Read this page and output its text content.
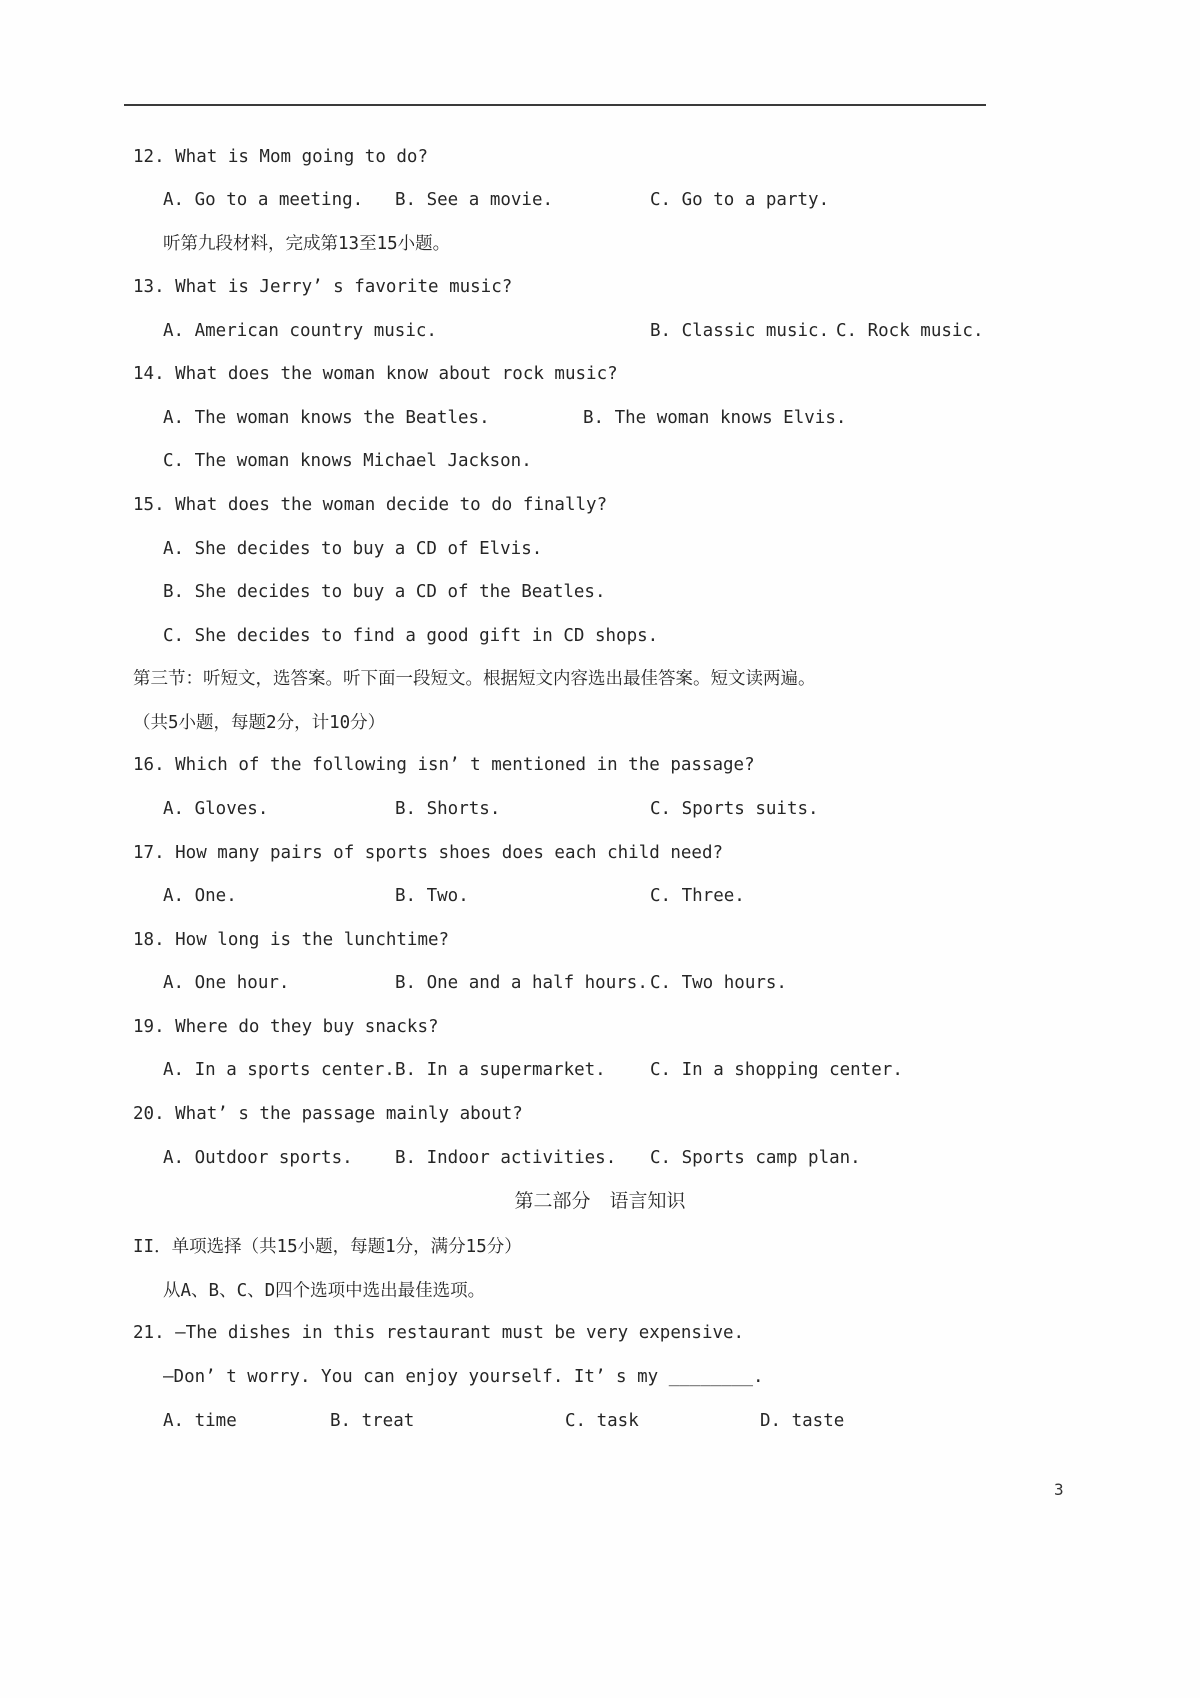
12. What is Mom going to do?
A. Go to a meeting. B. See a movie.	C. Go to a party.
听第九段材料，完成第13至15小题。
13. What is Jerry’ s favorite music?
A. American country music.	B. Classic music. C. Rock music.
14. What does the woman know about rock music?
A. The woman knows the Beatles.	B. The woman knows Elvis.
C. The woman knows Michael Jackson.
15. What does the woman decide to do finally?
A. She decides to buy a CD of Elvis.
B. She decides to buy a CD of the Beatles.
C. She decides to find a good gift in CD shops.
第三节：听短文，选答案。听下面一段短文。根据短文内容选出最佳答案。短文读两遍。
（共5小题，每题2分，计10分）
16. Which of the following isn’ t mentioned in the passage?
A. Gloves.	B. Shorts.	C. Sports suits.
17. How many pairs of sports shoes does each child need?
A. One.	B. Two.	C. Three.
18. How long is the lunchtime?
A. One hour.	B. One and a half hours. C. Two hours.
19. Where do they buy snacks?
A. In a sports center. B. In a supermarket.	C. In a shopping center.
20. What’ s the passage mainly about?
A. Outdoor sports. B. Indoor activities. C. Sports camp plan.
第二部分　语言知识
II．单项选择（共15小题，每题1分，满分15分）
从A、B、C、D四个选项中选出最佳选项。
21. —The dishes in this restaurant must be very expensive.
—Don’ t worry. You can enjoy yourself. It’ s my ________.
A. time	B. treat	C. task	D. taste
3
